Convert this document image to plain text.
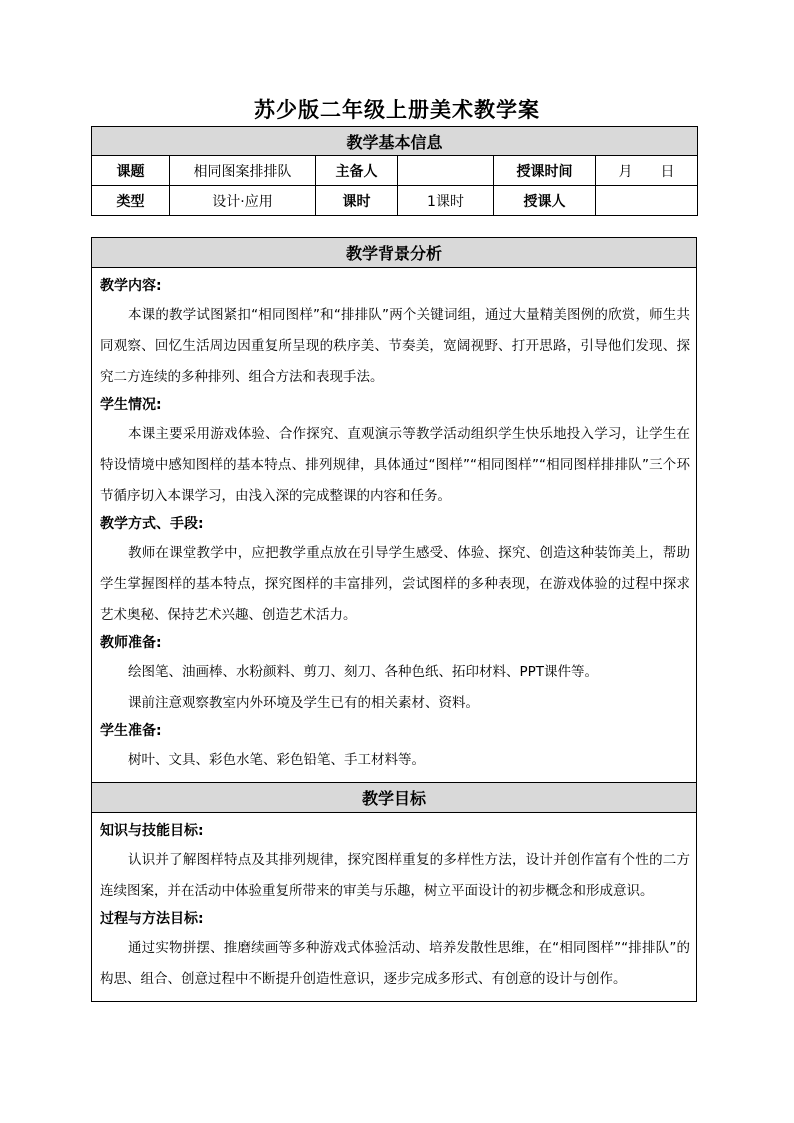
苏少版二年级上册美术教学案
教学基本信息					
课题	相同图案排排队	主备人		授课时间	月　　日
类型	设计·应用	课时	1课时	授课人	
教学背景分析

教学内容:

本课的教学试图紧扣“相同图样”和“排排队”两个关键词组，通过大量精美图例的欣赏，师生共同观察、回忆生活周边因重复所呈现的秩序美、节奏美，宽阔视野、打开思路，引导他们发现、探究二方连续的多种排列、组合方法和表现手法。

学生情况:

本课主要采用游戏体验、合作探究、直观演示等教学活动组织学生快乐地投入学习，让学生在特设情境中感知图样的基本特点、排列规律，具体通过“图样”“相同图样”“相同图样排排队”三个环节循序切入本课学习，由浅入深的完成整课的内容和任务。

教学方式、手段:

教师在课堂教学中，应把教学重点放在引导学生感受、体验、探究、创造这种装饰美上，帮助学生掌握图样的基本特点，探究图样的丰富排列，尝试图样的多种表现，在游戏体验的过程中探求艺术奥秘、保持艺术兴趣、创造艺术活力。

教师准备:

绘图笔、油画棒、水粉颜料、剪刀、刻刀、各种色纸、拓印材料、PPT课件等。

课前注意观察教室内外环境及学生已有的相关素材、资料。

学生准备:

树叶、文具、彩色水笔、彩色铅笔、手工材料等。

教学目标

知识与技能目标:

认识并了解图样特点及其排列规律，探究图样重复的多样性方法，设计并创作富有个性的二方连续图案，并在活动中体验重复所带来的审美与乐趣，树立平面设计的初步概念和形成意识。

过程与方法目标:

通过实物拼摆、推磨续画等多种游戏式体验活动、培养发散性思维，在“相同图样”“排排队”的构思、组合、创意过程中不断提升创造性意识，逐步完成多形式、有创意的设计与创作。
